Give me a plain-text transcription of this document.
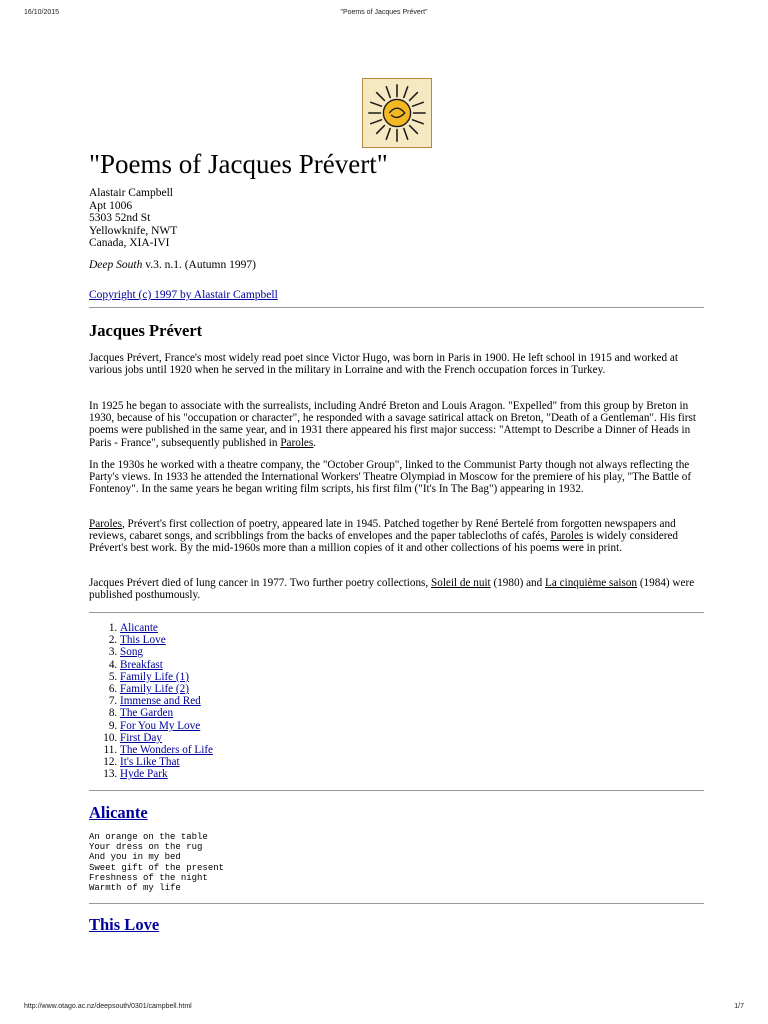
16/10/2015	"Poems of Jacques Prévert"
"Poems of Jacques Prévert"
Alastair Campbell
Apt 1006
5303 52nd St
Yellowknife, NWT
Canada, XIA-IVI
Deep South v.3. n.1. (Autumn 1997)
Copyright (c) 1997 by Alastair Campbell
Jacques Prévert

Jacques Prévert, France's most widely read poet since Victor Hugo, was born in Paris in 1900. He left school in 1915 and worked at various jobs until 1920 when he served in the military in Lorraine and with the French occupation forces in Turkey.

In 1925 he began to associate with the surrealists, including André Breton and Louis Aragon. "Expelled" from this group by Breton in 1930, because of his "occupation or character", he responded with a savage satirical attack on Breton, "Death of a Gentleman". His first poems were published in the same year, and in 1931 there appeared his first major success: "Attempt to Describe a Dinner of Heads in Paris - France", subsequently published in Paroles.

In the 1930s he worked with a theatre company, the "October Group", linked to the Communist Party though not always reflecting the Party's views. In 1933 he attended the International Workers' Theatre Olympiad in Moscow for the premiere of his play, "The Battle of Fontenoy". In the same years he began writing film scripts, his first film ("It's In The Bag") appearing in 1932.

Paroles, Prévert's first collection of poetry, appeared late in 1945. Patched together by René Bertelé from forgotten newspapers and reviews, cabaret songs, and scribblings from the backs of envelopes and the paper tablecloths of cafés, Paroles is widely considered Prévert's best work. By the mid-1960s more than a million copies of it and other collections of his poems were in print.

Jacques Prévert died of lung cancer in 1977. Two further poetry collections, Soleil de nuit (1980) and La cinquième saison (1984) were published posthumously.

1. Alicante
2. This Love
3. Song
4. Breakfast
5. Family Life (1)
6. Family Life (2)
7. Immense and Red
8. The Garden
9. For You My Love
10. First Day
11. The Wonders of Life
12. It's Like That
13. Hyde Park
Alicante
An orange on the table
Your dress on the rug
And you in my bed
Sweet gift of the present
Freshness of the night
Warmth of my life
This Love
http://www.otago.ac.nz/deepsouth/0301/campbell.html	1/7
